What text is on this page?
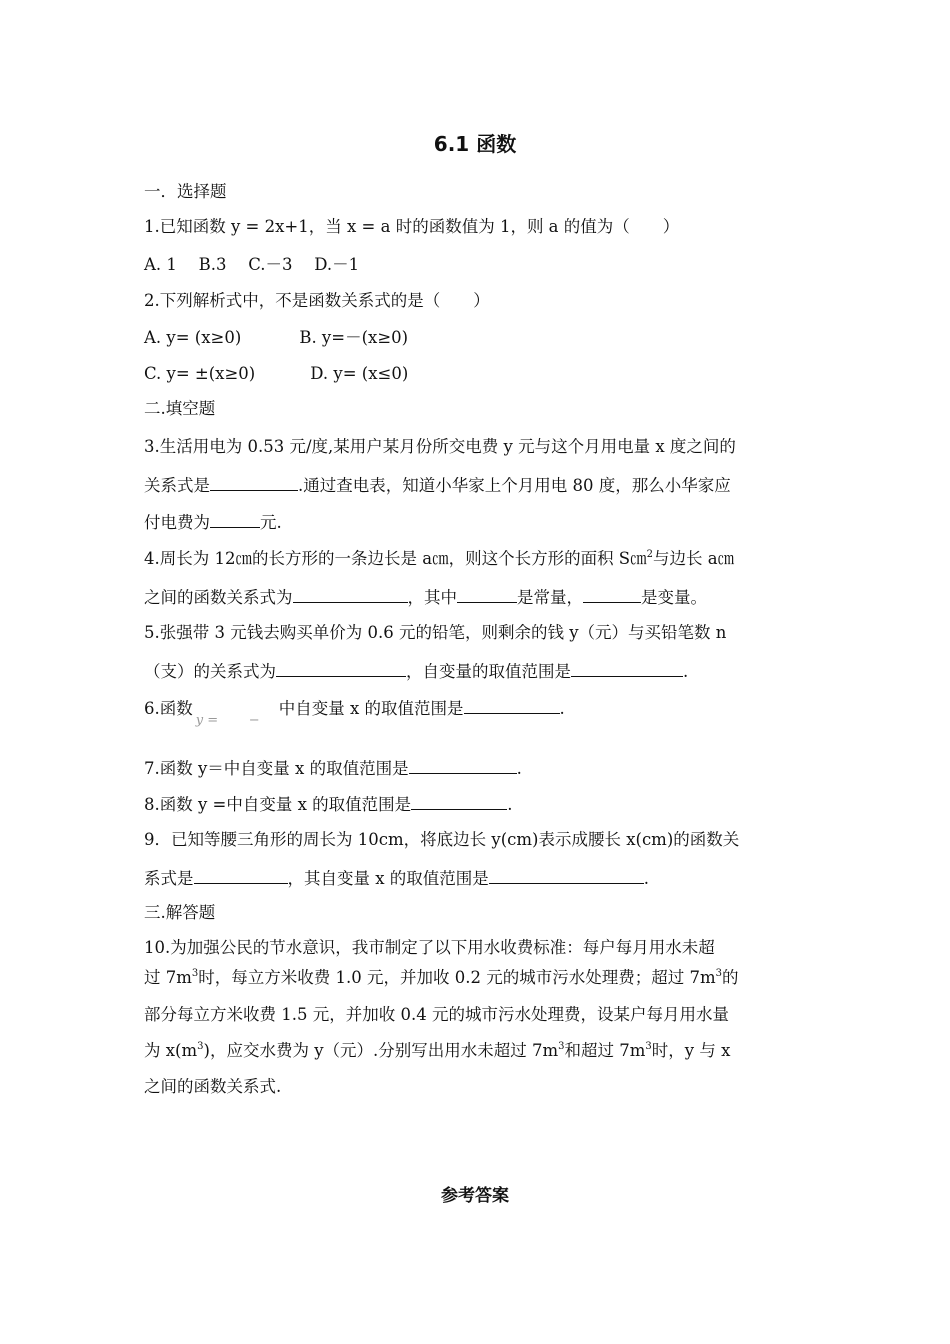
6.1 函数
一．选择题
1.已知函数 y = 2x+1，当 x = a 时的函数值为 1，则 a 的值为（　　）
A. 1　 B.3　 C.－3　 D.－1
2.下列解析式中，不是函数关系式的是（　　）
A. y= (x≥0)	B. y=－(x≥0)
C. y= ±(x≥0)	D. y= (x≤0)
二.填空题
3.生活用电为 0.53 元/度,某用户某月份所交电费 y 元与这个月用电量 x 度之间的
关系式是	.通过查电表，知道小华家上个月用电 80 度，那么小华家应
付电费为	元.
4.周长为 12㎝的长方形的一条边长是 a㎝，则这个长方形的面积 S㎝$^2$与边长 a㎝
之间的函数关系式为	，其中	是常量，	是变量。
5.张强带 3 元钱去购买单价为 0.6 元的铅笔，则剩余的钱 y（元）与买铅笔数 n
（支）的关系式为	，自变量的取值范围是	.
6.函数
y = −
中自变量 x 的取值范围是	.
7.函数 y＝中自变量 x 的取值范围是	.
8.函数 y =中自变量 x 的取值范围是	.
9．已知等腰三角形的周长为 10cm，将底边长 y(cm)表示成腰长 x(cm)的函数关
系式是	，其自变量 x 的取值范围是	.
三.解答题
10.为加强公民的节水意识，我市制定了以下用水收费标准：每户每月用水未超
过 $7m^3$时，每立方米收费 1.0 元，并加收 0.2 元的城市污水处理费；超过 $7m^3$的
部分每立方米收费 1.5 元，并加收 0.4 元的城市污水处理费，设某户每月用水量
为 $x(m^3)$，应交水费为 y（元）.分别写出用水未超过 $7m^3$和超过 $7m^3$时，y 与 x
之间的函数关系式.
参考答案
